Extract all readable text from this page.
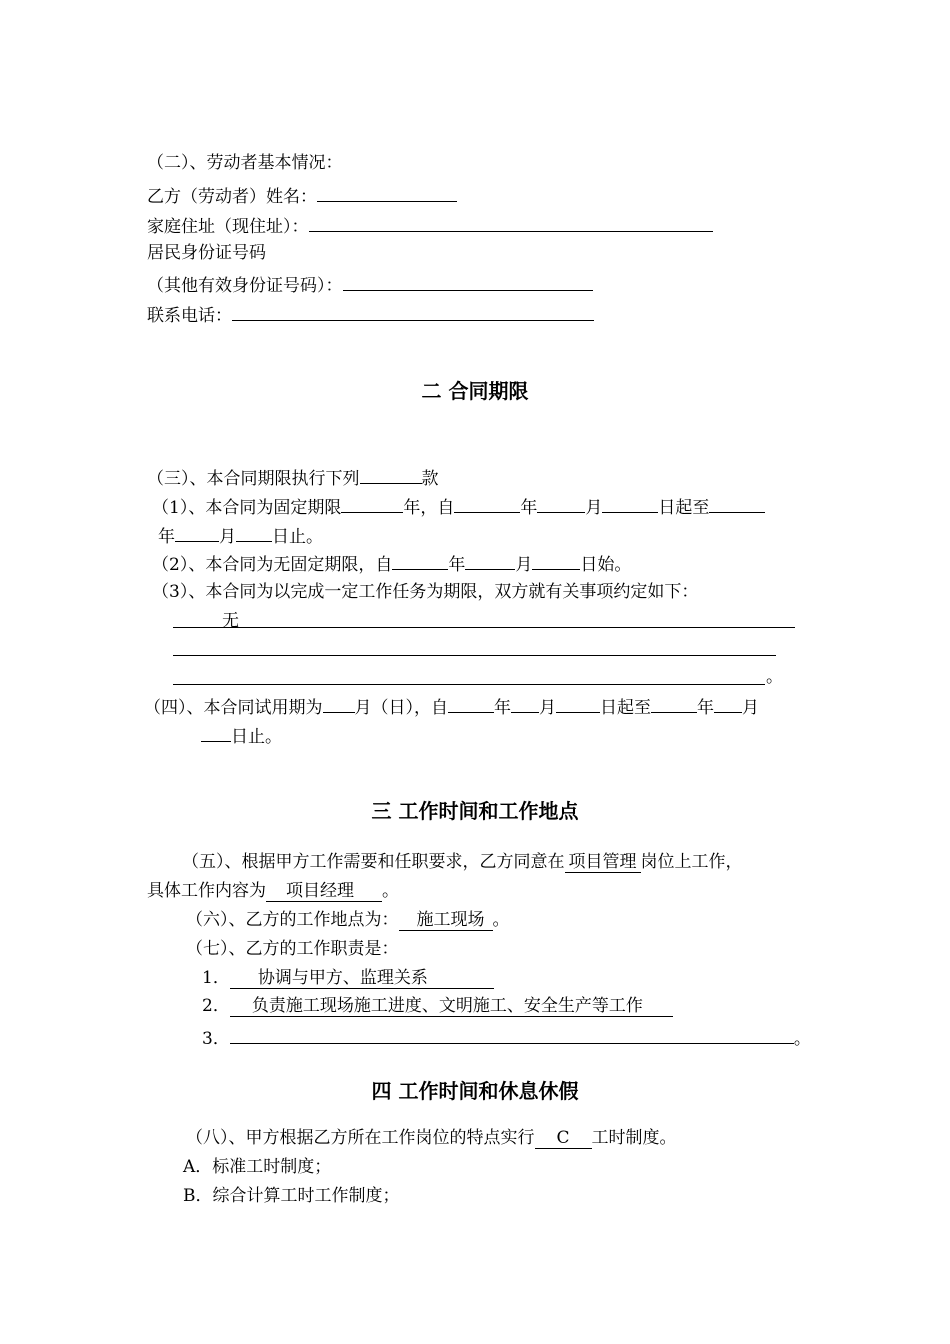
（二）、劳动者基本情况：
乙方（劳动者）姓名：
家庭住址（现住址）：
居民身份证号码
（其他有效身份证号码）：
联系电话：
二 合同期限
（三）、本合同期限执行下列	款
（1）、本合同为固定期限	年，自	年	月	日起至
年	月 日止。
（2）、本合同为无固定期限，自	年	月	日始。
（3）、本合同为以完成一定工作任务为期限，双方就有关事项约定如下：
无
。
（四）、本合同试用期为 月（日），自	年 月	日起至	年 月
日止。
三 工作时间和工作地点
（五）、根据甲方工作需要和任职要求，乙方同意在 项目管理 岗位上工作，
具体工作内容为 项目经理 。
（六）、乙方的工作地点为： 施工现场 。
（七）、乙方的工作职责是：
1． 协调与甲方、监理关系
2． 负责施工现场施工进度、文明施工、安全生产等工作
3．	。
四 工作时间和休息休假
（八）、甲方根据乙方所在工作岗位的特点实行 C 工时制度。
A．标准工时制度；
B．综合计算工时工作制度；
